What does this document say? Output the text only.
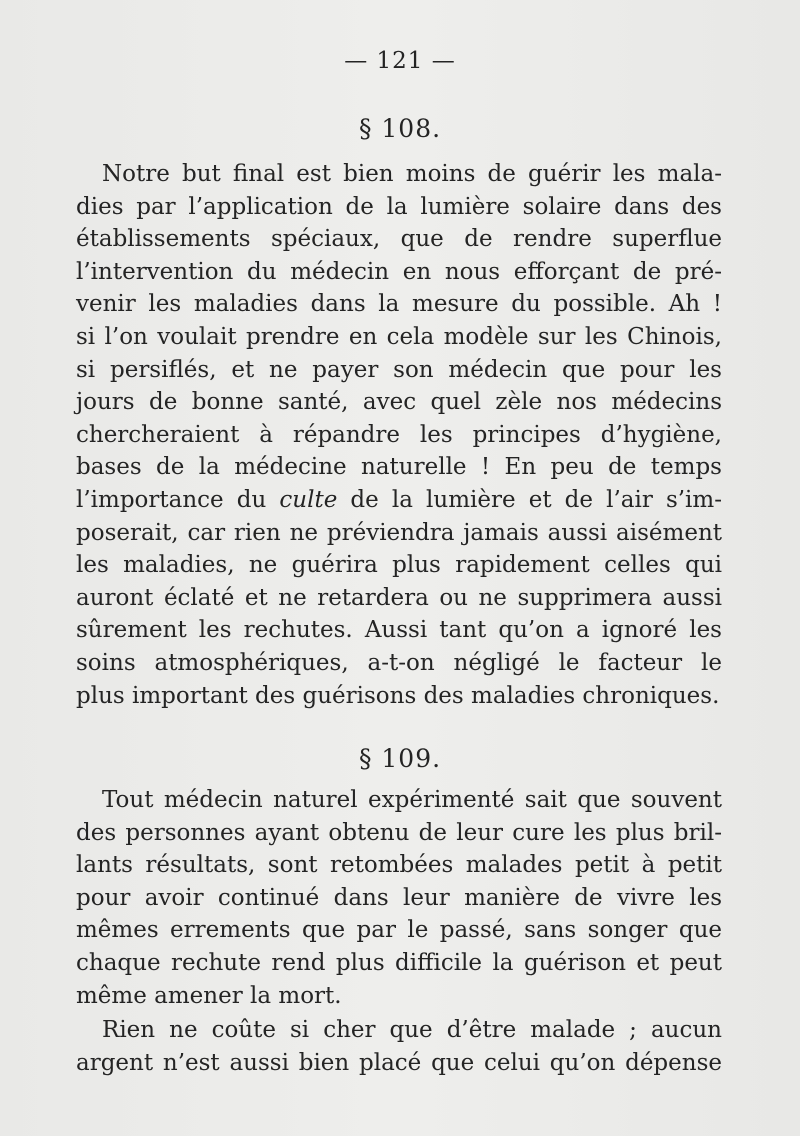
— 121 —
§ 108.
Notre but final est bien moins de guérir les mala-
dies par l’application de la lumière solaire dans des
établissements spéciaux, que de rendre superflue
l’intervention du médecin en nous efforçant de pré-
venir les maladies dans la mesure du possible. Ah !
si l’on voulait prendre en cela modèle sur les Chinois,
si persiflés, et ne payer son médecin que pour les
jours de bonne santé, avec quel zèle nos médecins
chercheraient à répandre les principes d’hygiène,
bases de la médecine naturelle ! En peu de temps
l’importance du culte de la lumière et de l’air s’im-
poserait, car rien ne préviendra jamais aussi aisément
les maladies, ne guérira plus rapidement celles qui
auront éclaté et ne retardera ou ne supprimera aussi
sûrement les rechutes. Aussi tant qu’on a ignoré les
soins atmosphériques, a-t-on négligé le facteur le
plus important des guérisons des maladies chroniques.
§ 109.
Tout médecin naturel expérimenté sait que souvent
des personnes ayant obtenu de leur cure les plus bril-
lants résultats, sont retombées malades petit à petit
pour avoir continué dans leur manière de vivre les
mêmes errements que par le passé, sans songer que
chaque rechute rend plus difficile la guérison et peut
même amener la mort.
Rien ne coûte si cher que d’être malade ; aucun
argent n’est aussi bien placé que celui qu’on dépense
